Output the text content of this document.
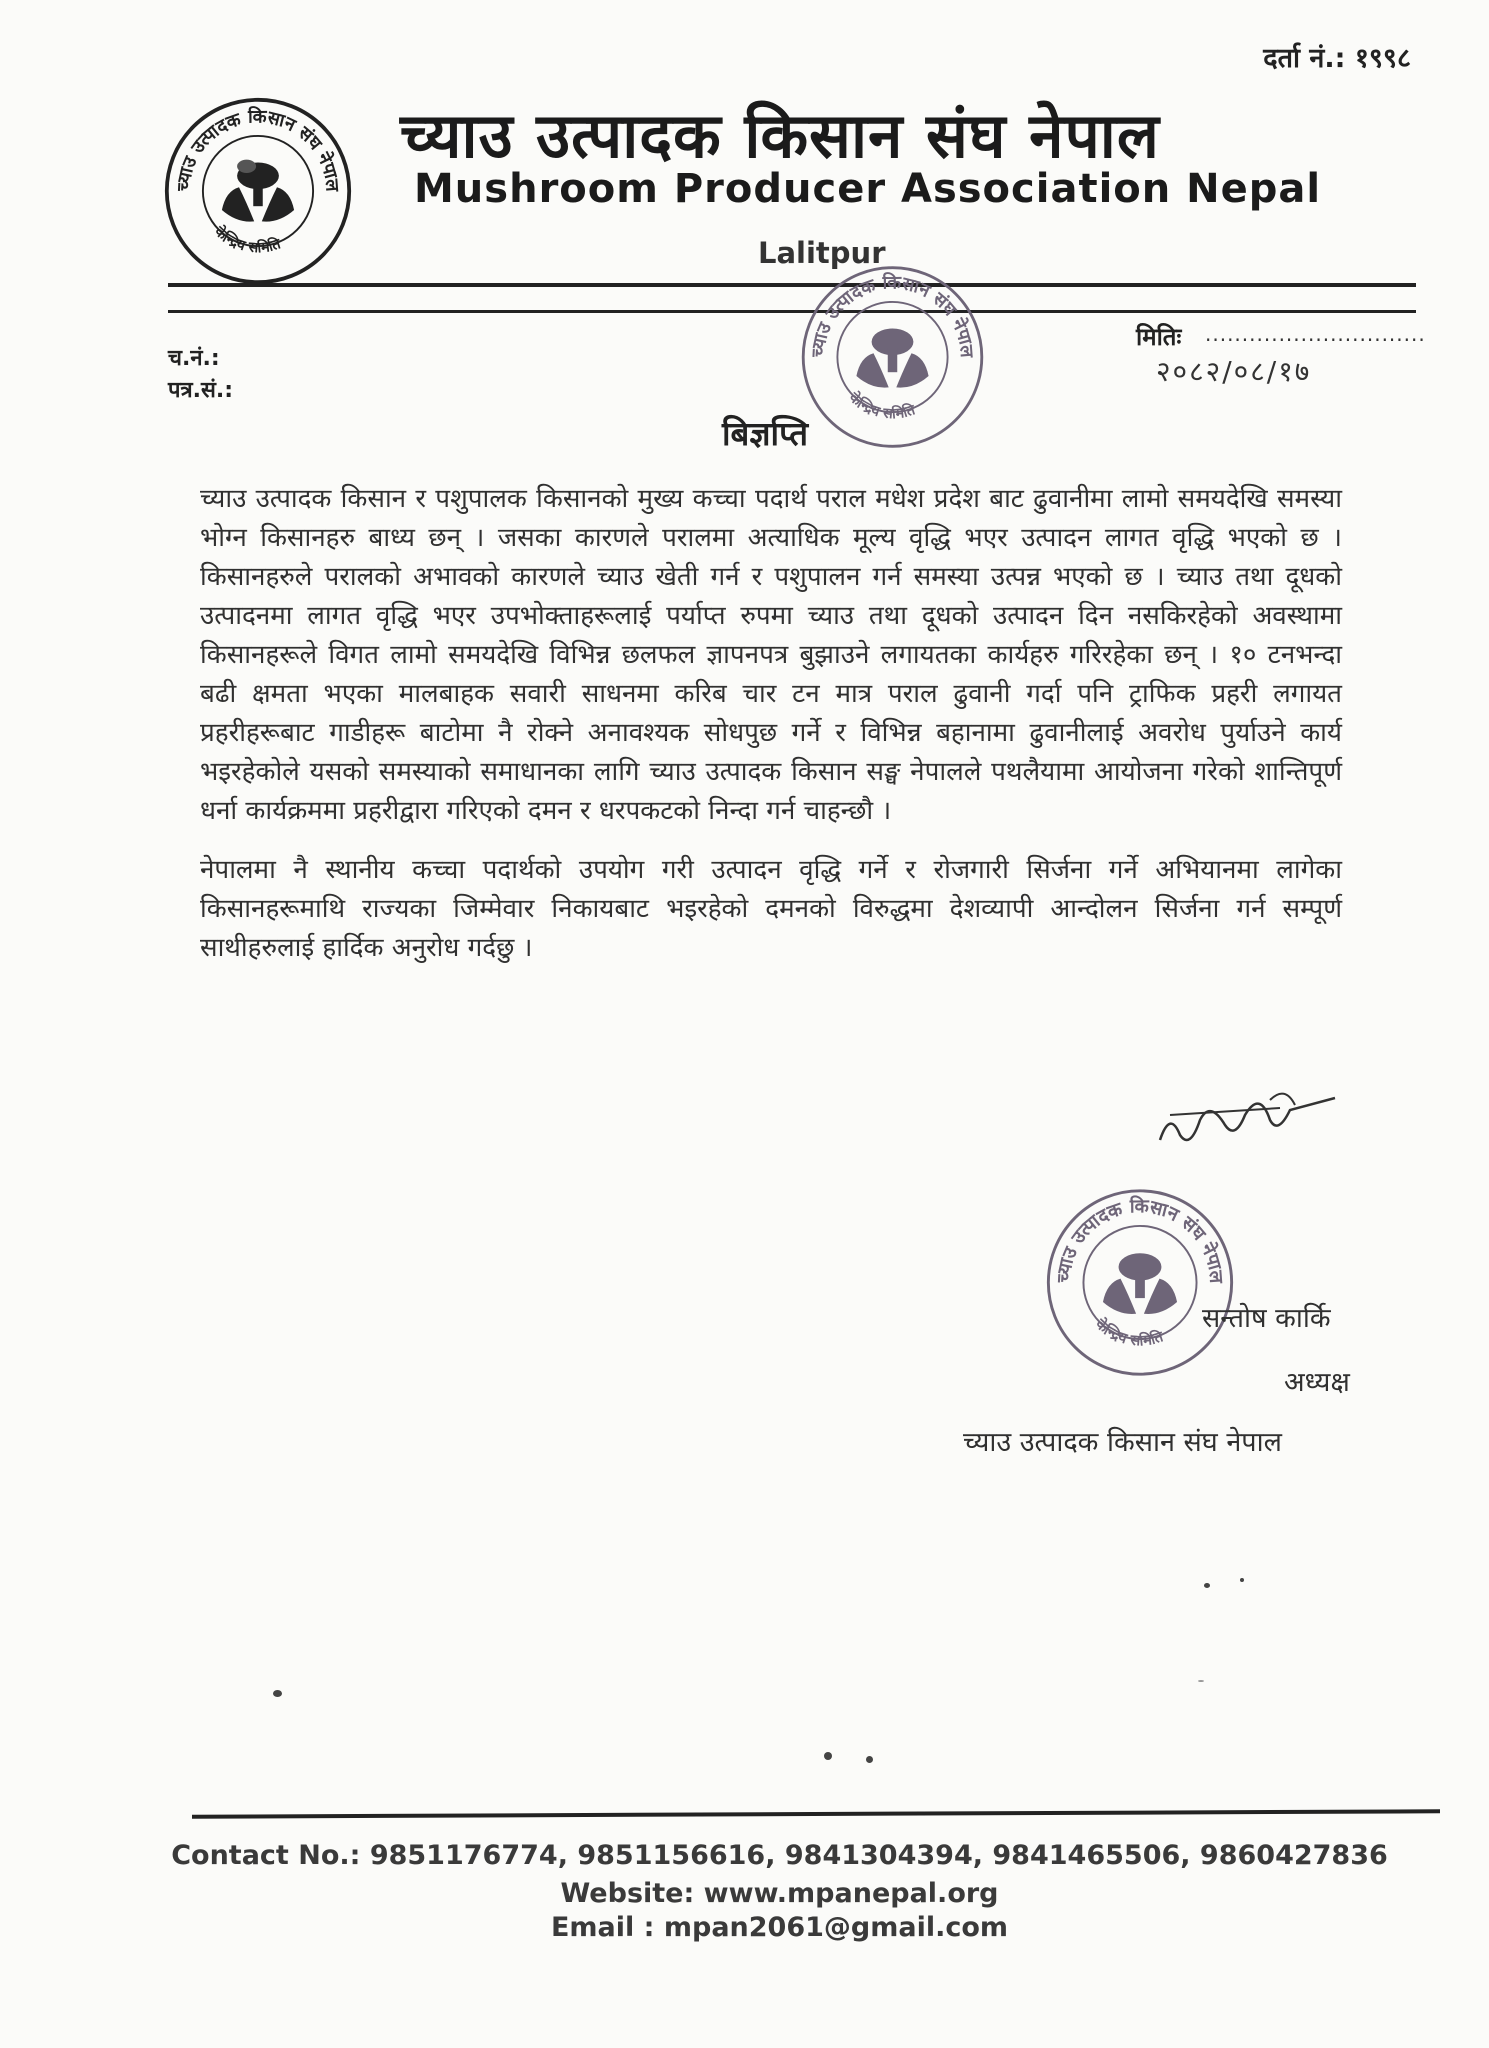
दर्ता नं.: १९९८
च्याउ उत्पादक किसान संघ नेपाल
केन्द्रिय समिति
च्याउ उत्पादक किसान संघ नेपाल
Mushroom Producer Association Nepal
Lalitpur
च्याउ उत्पादक किसान संघ नेपाल
केन्द्रिय समिति
मितिः ..............................
२०८२/०८/१७
च.नं.:
पत्र.सं.:
बिज्ञप्ति

च्याउ उत्पादक किसान र पशुपालक किसानको मुख्य कच्चा पदार्थ पराल मधेश प्रदेश बाट ढुवानीमा लामो समयदेखि समस्या भोग्न किसानहरु बाध्य छन् । जसका कारणले परालमा अत्याधिक मूल्य वृद्धि भएर उत्पादन लागत वृद्धि भएको छ । किसानहरुले परालको अभावको कारणले च्याउ खेती गर्न र पशुपालन गर्न समस्या उत्पन्न भएको छ । च्याउ तथा दूधको उत्पादनमा लागत वृद्धि भएर उपभोक्ताहरूलाई पर्याप्त रुपमा च्याउ तथा दूधको उत्पादन दिन नसकिरहेको अवस्थामा किसानहरूले विगत लामो समयदेखि विभिन्न छलफल ज्ञापनपत्र बुझाउने लगायतका कार्यहरु गरिरहेका छन् । १० टनभन्दा बढी क्षमता भएका मालबाहक सवारी साधनमा करिब चार टन मात्र पराल ढुवानी गर्दा पनि ट्राफिक प्रहरी लगायत प्रहरीहरूबाट गाडीहरू बाटोमा नै रोक्ने अनावश्यक सोधपुछ गर्ने र विभिन्न बहानामा ढुवानीलाई अवरोध पुर्याउने कार्य भइरहेकोले यसको समस्याको समाधानका लागि च्याउ उत्पादक किसान सङ्घ नेपालले पथलैयामा आयोजना गरेको शान्तिपूर्ण धर्ना कार्यक्रममा प्रहरीद्वारा गरिएको दमन र धरपकटको निन्दा गर्न चाहन्छौ ।

नेपालमा नै स्थानीय कच्चा पदार्थको उपयोग गरी उत्पादन वृद्धि गर्ने र रोजगारी सिर्जना गर्ने अभियानमा लागेका किसानहरूमाथि राज्यका जिम्मेवार निकायबाट भइरहेको दमनको विरुद्धमा देशव्यापी आन्दोलन सिर्जना गर्न सम्पूर्ण साथीहरुलाई हार्दिक अनुरोध गर्दछु ।

च्याउ उत्पादक किसान संघ नेपाल
केन्द्रिय समिति
सन्तोष कार्कि
अध्यक्ष
च्याउ उत्पादक किसान संघ नेपाल
Contact No.: 9851176774, 9851156616, 9841304394, 9841465506, 9860427836
Website: www.mpanepal.org
Email : mpan2061@gmail.com
